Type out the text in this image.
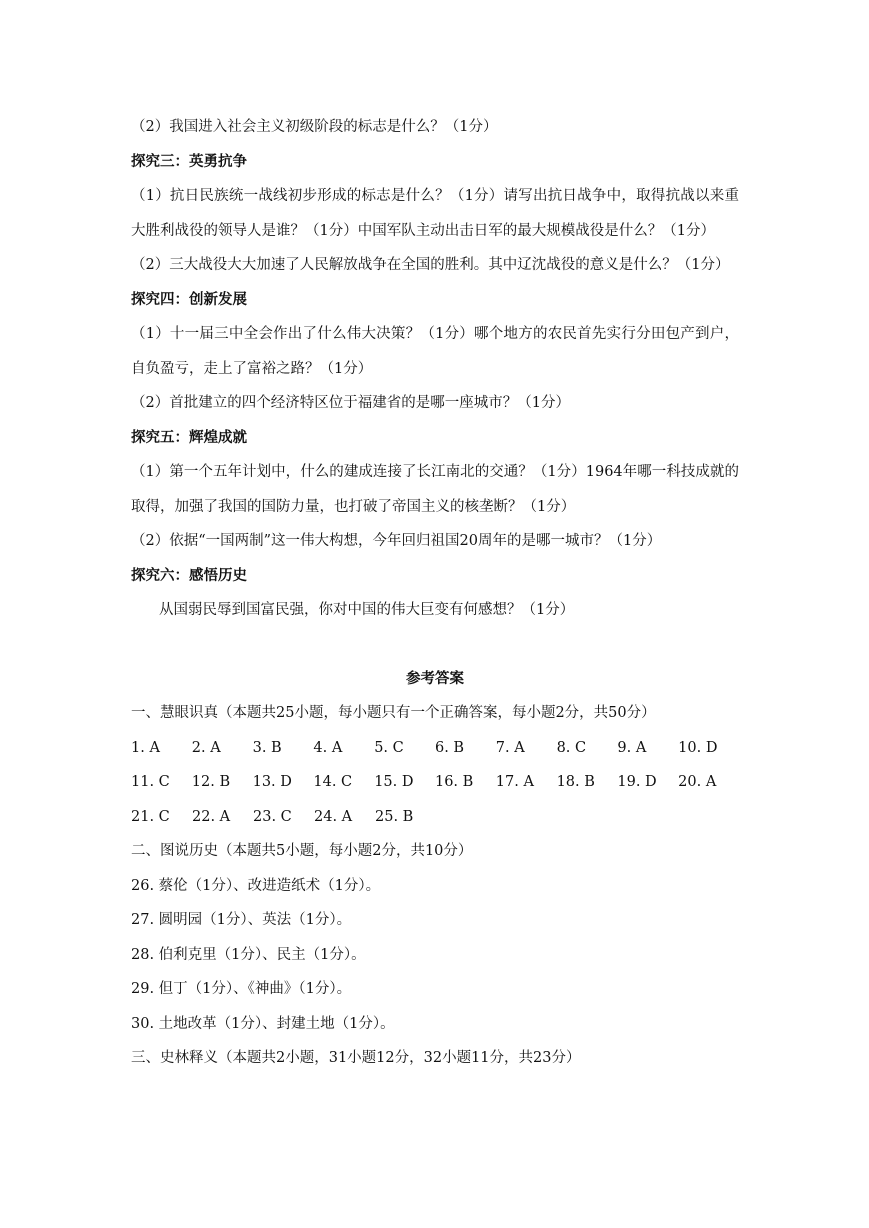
（2）我国进入社会主义初级阶段的标志是什么？（1分）
探究三：英勇抗争

（1）抗日民族统一战线初步形成的标志是什么？（1分）请写出抗日战争中，取得抗战以来重大胜利战役的领导人是谁？（1分）中国军队主动出击日军的最大规模战役是什么？（1分）

（2）三大战役大大加速了人民解放战争在全国的胜利。其中辽沈战役的意义是什么？（1分）

探究四：创新发展

（1）十一届三中全会作出了什么伟大决策？（1分）哪个地方的农民首先实行分田包产到户，自负盈亏，走上了富裕之路？（1分）

（2）首批建立的四个经济特区位于福建省的是哪一座城市？（1分）
探究五：辉煌成就

（1）第一个五年计划中，什么的建成连接了长江南北的交通？（1分）1964年哪一科技成就的取得，加强了我国的国防力量，也打破了帝国主义的核垄断？（1分）

（2）依据“一国两制”这一伟大构想，今年回归祖国20周年的是哪一城市？（1分）
探究六：感悟历史
从国弱民辱到国富民强，你对中国的伟大巨变有何感想？（1分）
参考答案
一、慧眼识真（本题共25小题，每小题只有一个正确答案，每小题2分，共50分）
1. A	2. A	3. B	4. A	5. C	6. B	7. A	8. C	9. A	10. D
11. C	12. B	13. D	14. C	15. D	16. B	17. A	18. B	19. D	20. A
21. C	22. A	23. C	24. A	25. B
二、图说历史（本题共5小题，每小题2分，共10分）
26. 蔡伦（1分）、改进造纸术（1分）。
27. 圆明园（1分）、英法（1分）。
28. 伯利克里（1分）、民主（1分）。
29. 但丁（1分）、《神曲》（1分）。
30. 土地改革（1分）、封建土地（1分）。
三、史林释义（本题共2小题，31小题12分，32小题11分，共23分）
